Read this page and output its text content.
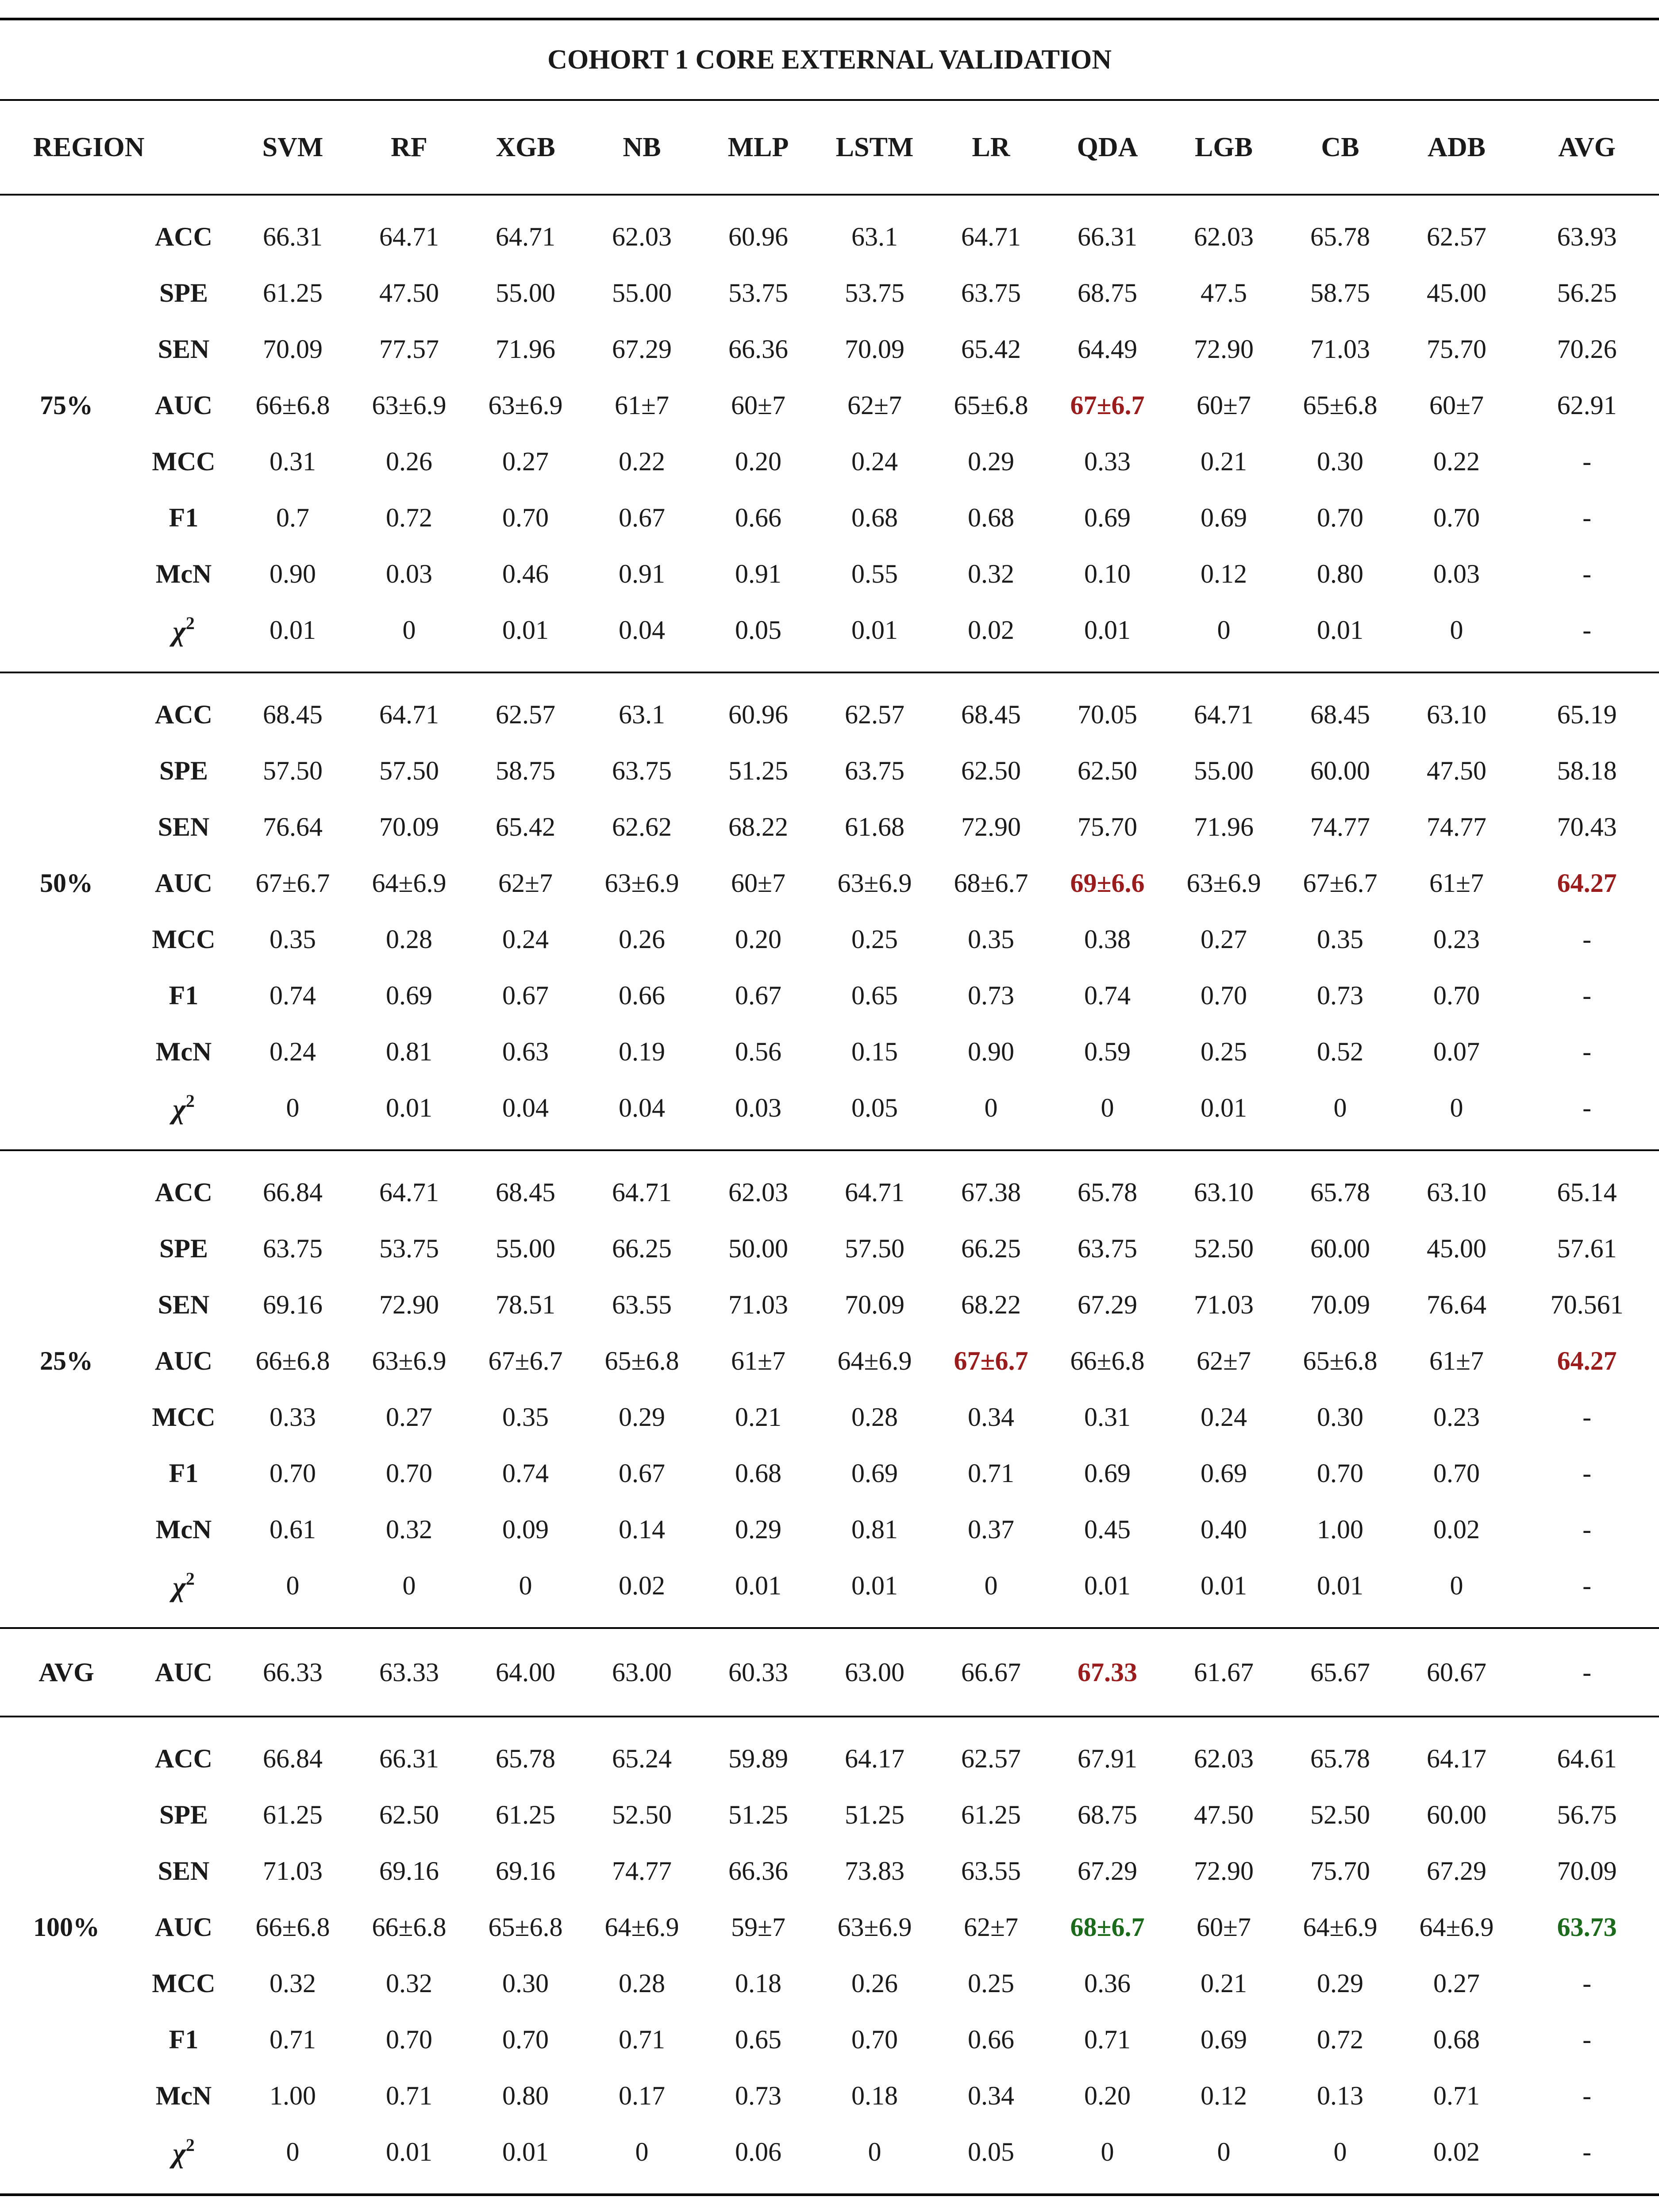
COHORT 1 CORE EXTERNAL VALIDATION													
REGION		SVM	RF	XGB	NB	MLP	LSTM	LR	QDA	LGB	CB	ADB	AVG
	ACC	66.31	64.71	64.71	62.03	60.96	63.1	64.71	66.31	62.03	65.78	62.57	63.93
	SPE	61.25	47.50	55.00	55.00	53.75	53.75	63.75	68.75	47.5	58.75	45.00	56.25
	SEN	70.09	77.57	71.96	67.29	66.36	70.09	65.42	64.49	72.90	71.03	75.70	70.26
75%	AUC	66±6.8	63±6.9	63±6.9	61±7	60±7	62±7	65±6.8	67±6.7	60±7	65±6.8	60±7	62.91
	MCC	0.31	0.26	0.27	0.22	0.20	0.24	0.29	0.33	0.21	0.30	0.22	-
	F1	0.7	0.72	0.70	0.67	0.66	0.68	0.68	0.69	0.69	0.70	0.70	-
	McN	0.90	0.03	0.46	0.91	0.91	0.55	0.32	0.10	0.12	0.80	0.03	-
	$\chi^2$	0.01	0	0.01	0.04	0.05	0.01	0.02	0.01	0	0.01	0	-
	ACC	68.45	64.71	62.57	63.1	60.96	62.57	68.45	70.05	64.71	68.45	63.10	65.19
	SPE	57.50	57.50	58.75	63.75	51.25	63.75	62.50	62.50	55.00	60.00	47.50	58.18
	SEN	76.64	70.09	65.42	62.62	68.22	61.68	72.90	75.70	71.96	74.77	74.77	70.43
50%	AUC	67±6.7	64±6.9	62±7	63±6.9	60±7	63±6.9	68±6.7	69±6.6	63±6.9	67±6.7	61±7	64.27
	MCC	0.35	0.28	0.24	0.26	0.20	0.25	0.35	0.38	0.27	0.35	0.23	-
	F1	0.74	0.69	0.67	0.66	0.67	0.65	0.73	0.74	0.70	0.73	0.70	-
	McN	0.24	0.81	0.63	0.19	0.56	0.15	0.90	0.59	0.25	0.52	0.07	-
	$\chi^2$	0	0.01	0.04	0.04	0.03	0.05	0	0	0.01	0	0	-
	ACC	66.84	64.71	68.45	64.71	62.03	64.71	67.38	65.78	63.10	65.78	63.10	65.14
	SPE	63.75	53.75	55.00	66.25	50.00	57.50	66.25	63.75	52.50	60.00	45.00	57.61
	SEN	69.16	72.90	78.51	63.55	71.03	70.09	68.22	67.29	71.03	70.09	76.64	70.561
25%	AUC	66±6.8	63±6.9	67±6.7	65±6.8	61±7	64±6.9	67±6.7	66±6.8	62±7	65±6.8	61±7	64.27
	MCC	0.33	0.27	0.35	0.29	0.21	0.28	0.34	0.31	0.24	0.30	0.23	-
	F1	0.70	0.70	0.74	0.67	0.68	0.69	0.71	0.69	0.69	0.70	0.70	-
	McN	0.61	0.32	0.09	0.14	0.29	0.81	0.37	0.45	0.40	1.00	0.02	-
	$\chi^2$	0	0	0	0.02	0.01	0.01	0	0.01	0.01	0.01	0	-
AVG	AUC	66.33	63.33	64.00	63.00	60.33	63.00	66.67	67.33	61.67	65.67	60.67	-
	ACC	66.84	66.31	65.78	65.24	59.89	64.17	62.57	67.91	62.03	65.78	64.17	64.61
	SPE	61.25	62.50	61.25	52.50	51.25	51.25	61.25	68.75	47.50	52.50	60.00	56.75
	SEN	71.03	69.16	69.16	74.77	66.36	73.83	63.55	67.29	72.90	75.70	67.29	70.09
100%	AUC	66±6.8	66±6.8	65±6.8	64±6.9	59±7	63±6.9	62±7	68±6.7	60±7	64±6.9	64±6.9	63.73
	MCC	0.32	0.32	0.30	0.28	0.18	0.26	0.25	0.36	0.21	0.29	0.27	-
	F1	0.71	0.70	0.70	0.71	0.65	0.70	0.66	0.71	0.69	0.72	0.68	-
	McN	1.00	0.71	0.80	0.17	0.73	0.18	0.34	0.20	0.12	0.13	0.71	-
	$\chi^2$	0	0.01	0.01	0	0.06	0	0.05	0	0	0	0.02	-
